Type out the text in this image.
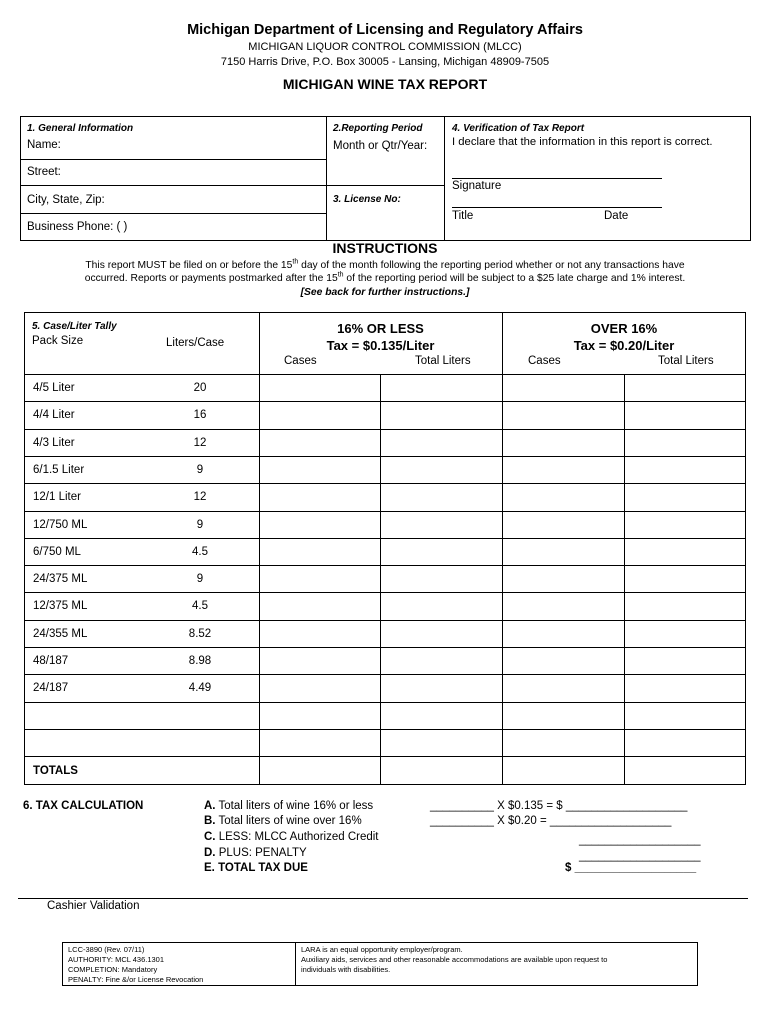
Michigan Department of Licensing and Regulatory Affairs
MICHIGAN LIQUOR CONTROL COMMISSION (MLCC)
7150 Harris Drive, P.O. Box 30005 - Lansing, Michigan 48909-7505
MICHIGAN WINE TAX REPORT
1. General Information
Name:
Street:
City, State, Zip:
Business Phone: ( )
2.Reporting Period
Month or Qtr/Year:
3. License No:
4. Verification of Tax Report
I declare that the information in this report is correct.
Signature
Title	Date
INSTRUCTIONS
This report MUST be filed on or before the 15th day of the month following the reporting period whether or not any transactions have
occurred. Reports or payments postmarked after the 15th of the reporting period will be subject to a $25 late charge and 1% interest.
[See back for further instructions.]
5. Case/Liter Tally
Pack Size	Liters/Case
16% OR LESS
Tax = $0.135/Liter
OVER 16%
Tax = $0.20/Liter
Cases	Total Liters	Cases	Total Liters
4/5 Liter	20
4/4 Liter	16
4/3 Liter	12
6/1.5 Liter	9
12/1 Liter	12
12/750 ML	9
6/750 ML	4.5
24/375 ML	9
12/375 ML	4.5
24/355 ML	8.52
48/187	8.98
24/187	4.49
TOTALS
6. TAX CALCULATION	A. Total liters of wine 16% or less
B. Total liters of wine over 16%
C. LESS: MLCC Authorized Credit
D. PLUS: PENALTY
E. TOTAL TAX DUE
__________ X $0.135 = $ ___________________
__________ X $0.20 = ___________________
___________________
___________________
$ ___________________
Cashier Validation
LCC-3890 (Rev. 07/11)
AUTHORITY: MCL 436.1301
COMPLETION: Mandatory
PENALTY: Fine &/or License Revocation
LARA is an equal opportunity employer/program.
Auxiliary aids, services and other reasonable accommodations are available upon request to
individuals with disabilities.
